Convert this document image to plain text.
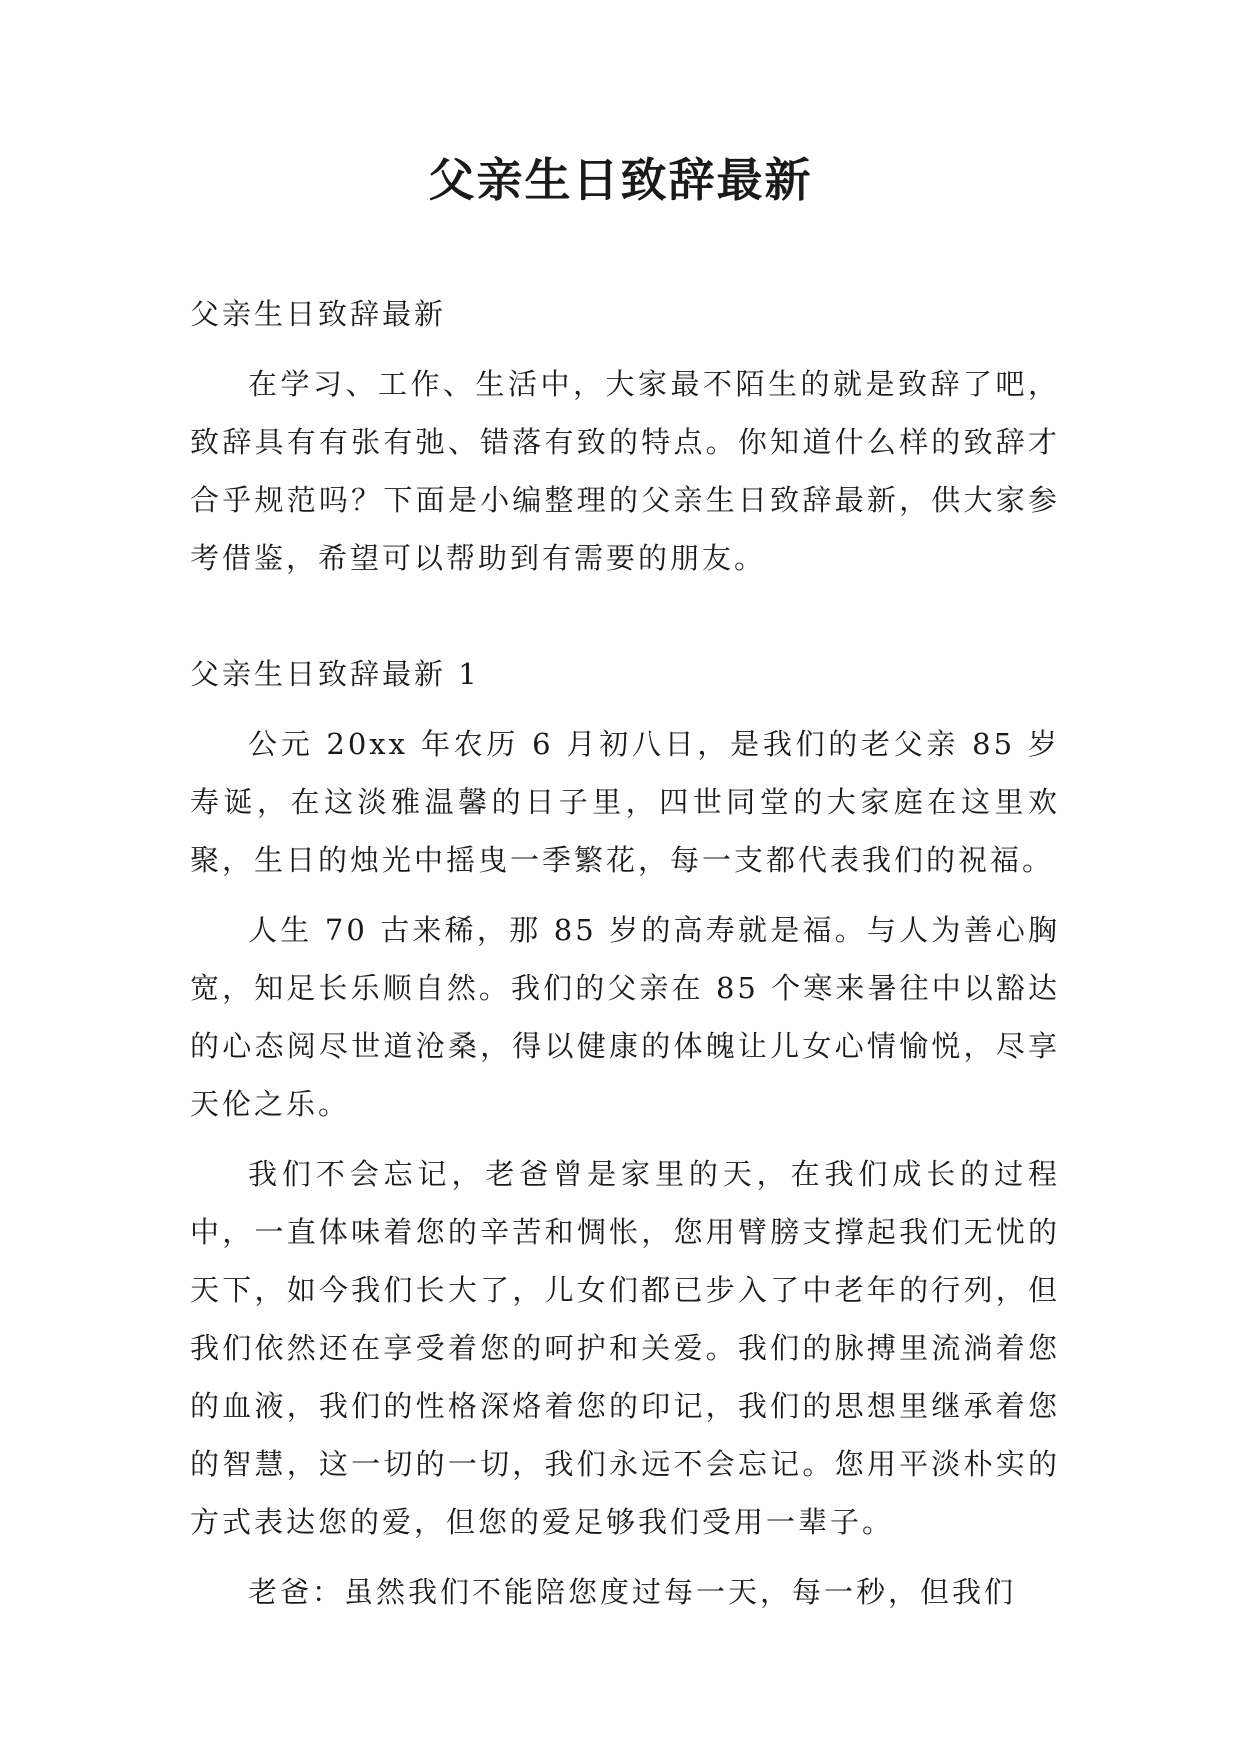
父亲生日致辞最新

父亲生日致辞最新

在学习、工作、生活中，大家最不陌生的就是致辞了吧，致辞具有有张有弛、错落有致的特点。你知道什么样的致辞才合乎规范吗？下面是小编整理的父亲生日致辞最新，供大家参考借鉴，希望可以帮助到有需要的朋友。

父亲生日致辞最新 1

公元 20xx 年农历 6 月初八日，是我们的老父亲 85 岁寿诞，在这淡雅温馨的日子里，四世同堂的大家庭在这里欢聚，生日的烛光中摇曳一季繁花，每一支都代表我们的祝福。

人生 70 古来稀，那 85 岁的高寿就是福。与人为善心胸宽，知足长乐顺自然。我们的父亲在 85 个寒来暑往中以豁达的心态阅尽世道沧桑，得以健康的体魄让儿女心情愉悦，尽享天伦之乐。

我们不会忘记，老爸曾是家里的天，在我们成长的过程中，一直体味着您的辛苦和惆怅，您用臂膀支撑起我们无忧的天下，如今我们长大了，儿女们都已步入了中老年的行列，但我们依然还在享受着您的呵护和关爱。我们的脉搏里流淌着您的血液，我们的性格深烙着您的印记，我们的思想里继承着您的智慧，这一切的一切，我们永远不会忘记。您用平淡朴实的方式表达您的爱，但您的爱足够我们受用一辈子。

老爸：虽然我们不能陪您度过每一天，每一秒，但我们
